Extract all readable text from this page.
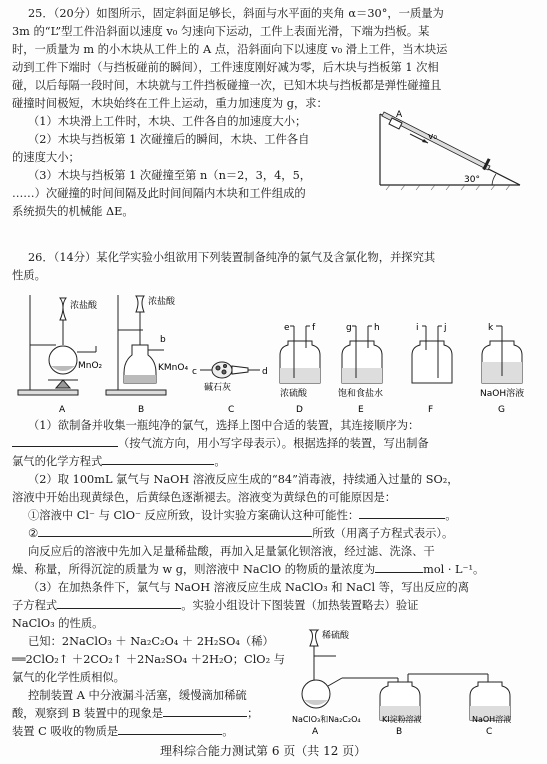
25．（20分）如图所示，固定斜面足够长，斜面与水平面的夹角 α＝30°，一质量为
3m 的“L”型工件沿斜面以速度 v₀ 匀速向下运动，工件上表面光滑，下端为挡板。某
时，一质量为 m 的小木块从工件上的 A 点，沿斜面向下以速度 v₀ 滑上工件，当木块运
动到工件下端时（与挡板碰前的瞬间），工件速度刚好减为零，后木块与挡板第 1 次相
碰，以后每隔一段时间，木块就与工件挡板碰撞一次，已知木块与挡板都是弹性碰撞且
碰撞时间极短，木块始终在工件上运动，重力加速度为 g，求：
（1）木块滑上工件时，木块、工件各自的加速度大小；
（2）木块与挡板第 1 次碰撞后的瞬间，木块、工件各自
的速度大小；
（3）木块与挡板第 1 次碰撞至第 n（n＝2，3，4，5，
……）次碰撞的时间间隔及此时间间隔内木块和工件组成的
系统损失的机械能 ΔE。
A
v₀
30°
26．（14分）某化学实验小组欲用下列装置制备纯净的氯气及含氯化物，并探究其
性质。
浓盐酸
MnO₂
A
浓盐酸
b
KMnO₄
B
c
碱石灰
d
C
e f
浓硫酸
D
g h
饱和食盐水
E
i	j
F
k
NaOH溶液
G
（1）欲制备并收集一瓶纯净的氯气，选择上图中合适的装置，其连接顺序为：
（按气流方向，用小写字母表示）。根据选择的装置，写出制备
氯气的化学方程式	。
（2）取 100mL 氯气与 NaOH 溶液反应生成的“84”消毒液，持续通入过量的 SO₂，
溶液中开始出现黄绿色，后黄绿色逐渐褪去。溶液变为黄绿色的可能原因是：
①溶液中 Cl⁻ 与 ClO⁻ 反应所致，设计实验方案确认这种可能性：	。
②	所致（用离子方程式表示）。
向反应后的溶液中先加入足量稀盐酸，再加入足量氯化钡溶液，经过滤、洗涤、干
燥、称量，所得沉淀的质量为 w g，则溶液中 NaClO 的物质的量浓度为	mol · L⁻¹。
（3）在加热条件下，氯气与 NaOH 溶液反应生成 NaClO₃ 和 NaCl 等，写出反应的离
子方程式	。实验小组设计下图装置（加热装置略去）验证
NaClO₃ 的性质。
已知：2NaClO₃ ＋ Na₂C₂O₄ ＋ 2H₂SO₄（稀）
══2ClO₂↑ ＋2CO₂↑ ＋2Na₂SO₄ ＋2H₂O；ClO₂ 与
氯气的化学性质相似。
控制装置 A 中分液漏斗活塞，缓慢滴加稀硫
酸，观察到 B 装置中的现象是	；
装置 C 吸收的物质是	。
稀硫酸
NaClO₃和Na₂C₂O₄	KI淀粉溶液	NaOH溶液
A	B	C
理科综合能力测试第 6 页（共 12 页）
